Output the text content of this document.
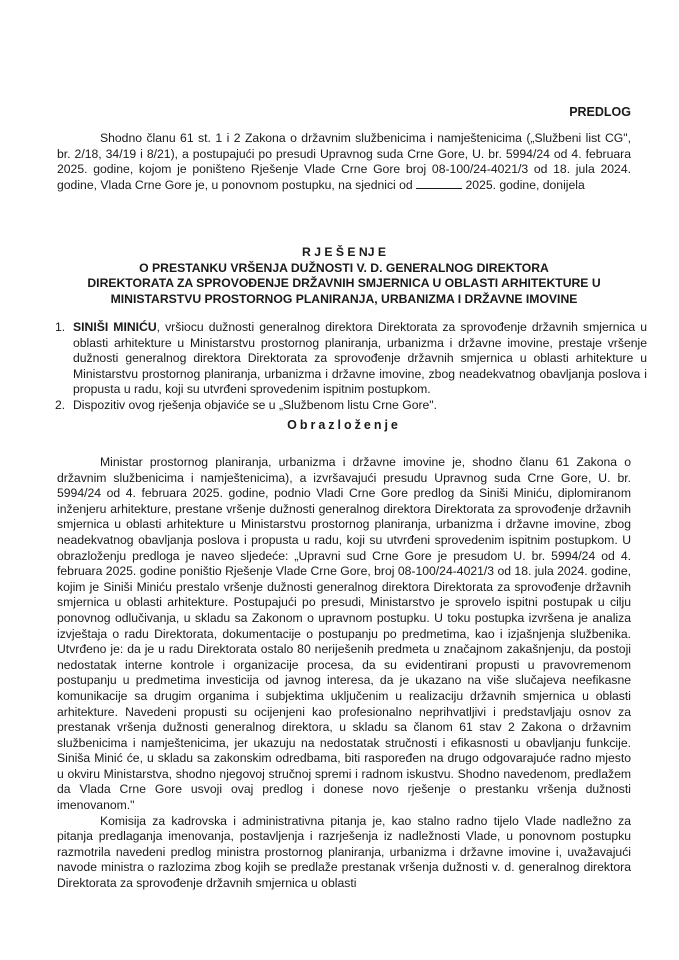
PREDLOG

Shodno članu 61 st. 1 i 2 Zakona o državnim službenicima i namještenicima („Službeni list CG", br. 2/18, 34/19 i 8/21), a postupajući po presudi Upravnog suda Crne Gore, U. br. 5994/24 od 4. februara 2025. godine, kojom je poništeno Rješenje Vlade Crne Gore broj 08-100/24-4021/3 od 18. jula 2024. godine, Vlada Crne Gore je, u ponovnom postupku, na sjednici od	2025. godine, donijela

R J E Š E NJ E
O PRESTANKU VRŠENJA DUŽNOSTI V. D. GENERALNOG DIREKTORA
DIREKTORATA ZA SPROVOĐENJE DRŽAVNIH SMJERNICA U OBLASTI ARHITEKTURE U
MINISTARSTVU PROSTORNOG PLANIRANJA, URBANIZMA I DRŽAVNE IMOVINE
1. SINIŠI MINIĆU, vršiocu dužnosti generalnog direktora Direktorata za sprovođenje državnih smjernica u oblasti arhitekture u Ministarstvu prostornog planiranja, urbanizma i državne imovine, prestaje vršenje dužnosti generalnog direktora Direktorata za sprovođenje državnih smjernica u oblasti arhitekture u Ministarstvu prostornog planiranja, urbanizma i državne imovine, zbog neadekvatnog obavljanja poslova i propusta u radu, koji su utvrđeni sprovedenim ispitnim postupkom.
2. Dispozitiv ovog rješenja objaviće se u „Službenom listu Crne Gore".
Obrazloženje

Ministar prostornog planiranja, urbanizma i državne imovine je, shodno članu 61 Zakona o državnim službenicima i namještenicima), a izvršavajući presudu Upravnog suda Crne Gore, U. br. 5994/24 od 4. februara 2025. godine, podnio Vladi Crne Gore predlog da Siniši Miniću, diplomiranom inženjeru arhitekture, prestane vršenje dužnosti generalnog direktora Direktorata za sprovođenje državnih smjernica u oblasti arhitekture u Ministarstvu prostornog planiranja, urbanizma i državne imovine, zbog neadekvatnog obavljanja poslova i propusta u radu, koji su utvrđeni sprovedenim ispitnim postupkom. U obrazloženju predloga je naveo sljedeće: „Upravni sud Crne Gore je presudom U. br. 5994/24 od 4. februara 2025. godine poništio Rješenje Vlade Crne Gore, broj 08-100/24-4021/3 od 18. jula 2024. godine, kojim je Siniši Miniću prestalo vršenje dužnosti generalnog direktora Direktorata za sprovođenje državnih smjernica u oblasti arhitekture. Postupajući po presudi, Ministarstvo je sprovelo ispitni postupak u cilju ponovnog odlučivanja, u skladu sa Zakonom o upravnom postupku. U toku postupka izvršena je analiza izvještaja o radu Direktorata, dokumentacije o postupanju po predmetima, kao i izjašnjenja službenika. Utvrđeno je: da je u radu Direktorata ostalo 80 neriješenih predmeta u značajnom zakašnjenju, da postoji nedostatak interne kontrole i organizacije procesa, da su evidentirani propusti u pravovremenom postupanju u predmetima investicija od javnog interesa, da je ukazano na više slučajeva neefikasne komunikacije sa drugim organima i subjektima uključenim u realizaciju državnih smjernica u oblasti arhitekture. Navedeni propusti su ocijenjeni kao profesionalno neprihvatljivi i predstavljaju osnov za prestanak vršenja dužnosti generalnog direktora, u skladu sa članom 61 stav 2 Zakona o državnim službenicima i namještenicima, jer ukazuju na nedostatak stručnosti i efikasnosti u obavljanju funkcije. Siniša Minić će, u skladu sa zakonskim odredbama, biti raspoređen na drugo odgovarajuće radno mjesto u okviru Ministarstva, shodno njegovoj stručnoj spremi i radnom iskustvu. Shodno navedenom, predlažem da Vlada Crne Gore usvoji ovaj predlog i donese novo rješenje o prestanku vršenja dužnosti imenovanom."

Komisija za kadrovska i administrativna pitanja je, kao stalno radno tijelo Vlade nadležno za pitanja predlaganja imenovanja, postavljenja i razrješenja iz nadležnosti Vlade, u ponovnom postupku razmotrila navedeni predlog ministra prostornog planiranja, urbanizma i državne imovine i, uvažavajući navode ministra o razlozima zbog kojih se predlaže prestanak vršenja dužnosti v. d. generalnog direktora Direktorata za sprovođenje državnih smjernica u oblasti
